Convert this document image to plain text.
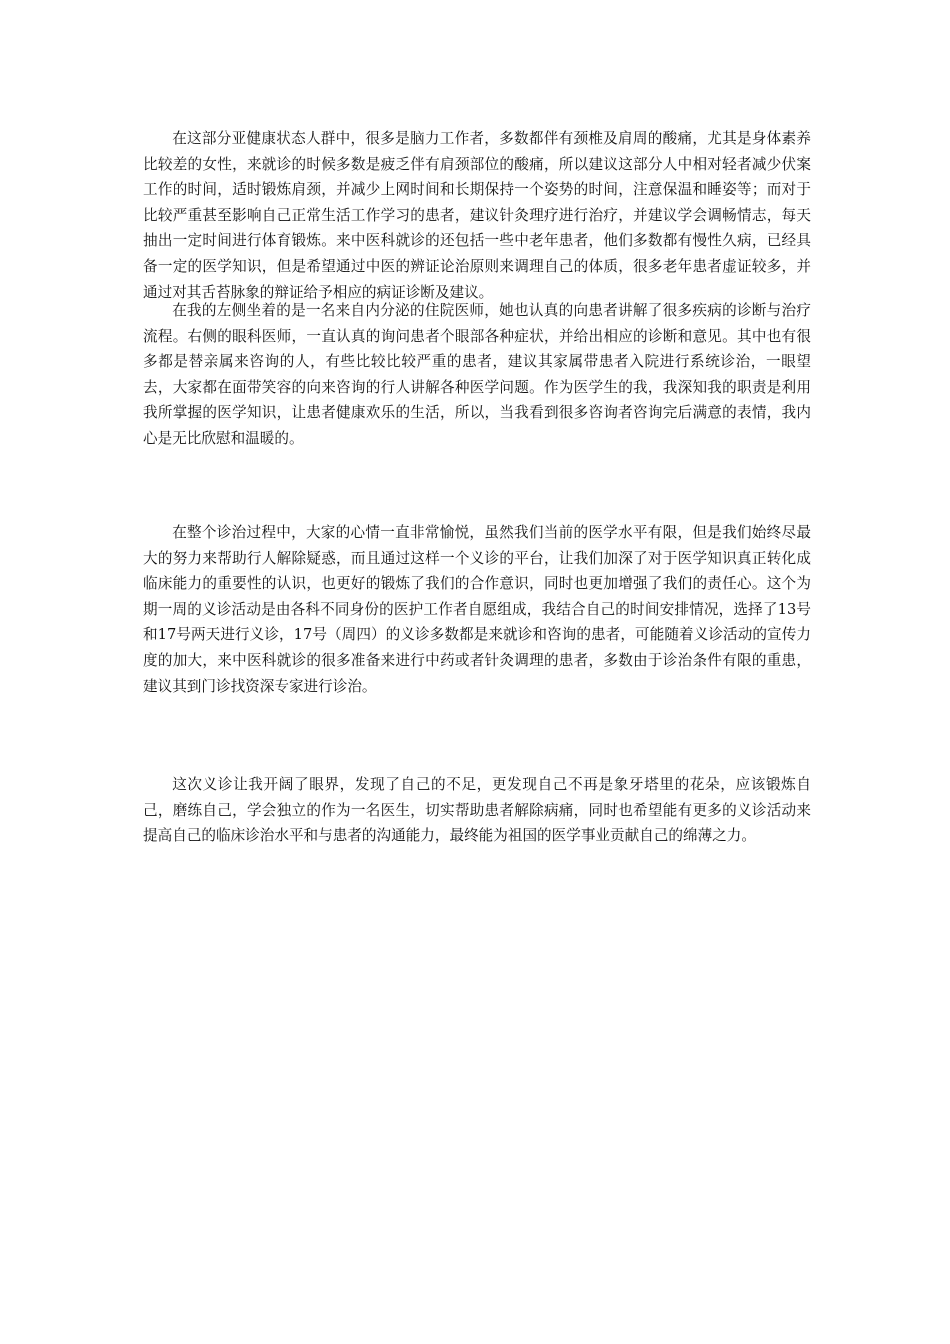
在这部分亚健康状态人群中，很多是脑力工作者，多数都伴有颈椎及肩周的酸痛，尤其是身体素养比较差的女性，来就诊的时候多数是疲乏伴有肩颈部位的酸痛，所以建议这部分人中相对轻者减少伏案工作的时间，适时锻炼肩颈，并减少上网时间和长期保持一个姿势的时间，注意保温和睡姿等；而对于比较严重甚至影响自己正常生活工作学习的患者，建议针灸理疗进行治疗，并建议学会调畅情志，每天抽出一定时间进行体育锻炼。来中医科就诊的还包括一些中老年患者，他们多数都有慢性久病，已经具备一定的医学知识，但是希望通过中医的辨证论治原则来调理自己的体质，很多老年患者虚证较多，并通过对其舌苔脉象的辩证给予相应的病证诊断及建议。

在我的左侧坐着的是一名来自内分泌的住院医师，她也认真的向患者讲解了很多疾病的诊断与治疗流程。右侧的眼科医师，一直认真的询问患者个眼部各种症状，并给出相应的诊断和意见。其中也有很多都是替亲属来咨询的人，有些比较比较严重的患者，建议其家属带患者入院进行系统诊治，一眼望去，大家都在面带笑容的向来咨询的行人讲解各种医学问题。作为医学生的我，我深知我的职责是利用我所掌握的医学知识，让患者健康欢乐的生活，所以，当我看到很多咨询者咨询完后满意的表情，我内心是无比欣慰和温暖的。

在整个诊治过程中，大家的心情一直非常愉悦，虽然我们当前的医学水平有限，但是我们始终尽最大的努力来帮助行人解除疑惑，而且通过这样一个义诊的平台，让我们加深了对于医学知识真正转化成临床能力的重要性的认识，也更好的锻炼了我们的合作意识，同时也更加增强了我们的责任心。这个为期一周的义诊活动是由各科不同身份的医护工作者自愿组成，我结合自己的时间安排情况，选择了13号和17号两天进行义诊，17号（周四）的义诊多数都是来就诊和咨询的患者，可能随着义诊活动的宣传力度的加大，来中医科就诊的很多准备来进行中药或者针灸调理的患者，多数由于诊治条件有限的重患，建议其到门诊找资深专家进行诊治。

这次义诊让我开阔了眼界，发现了自己的不足，更发现自己不再是象牙塔里的花朵，应该锻炼自己，磨练自己，学会独立的作为一名医生，切实帮助患者解除病痛，同时也希望能有更多的义诊活动来提高自己的临床诊治水平和与患者的沟通能力，最终能为祖国的医学事业贡献自己的绵薄之力。
